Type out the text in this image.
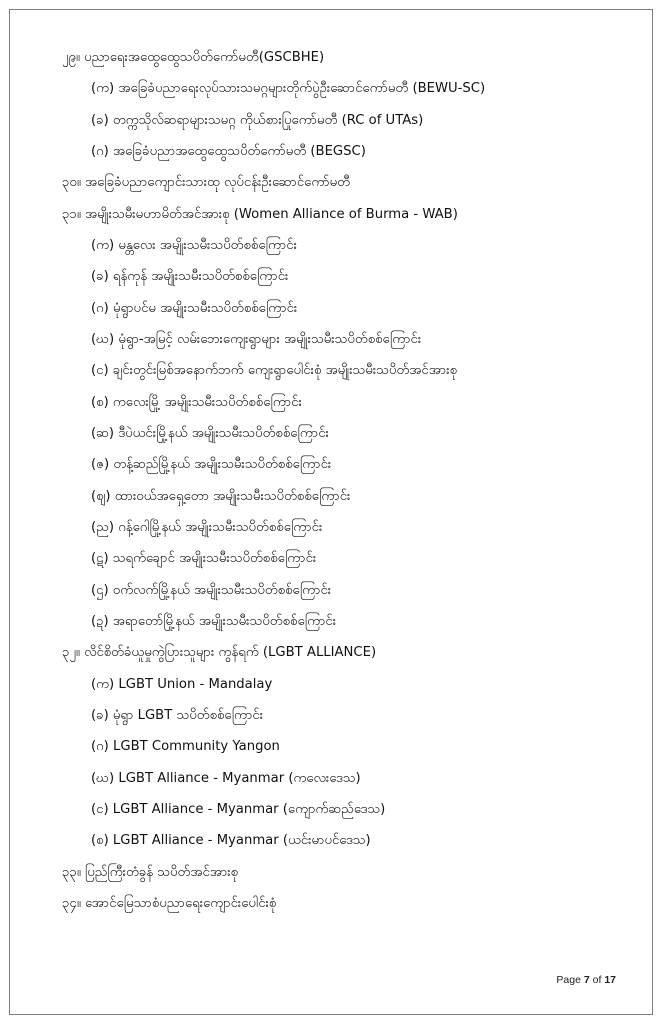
၂၉။ ပညာရေးအထွေထွေသပိတ်ကော်မတီ(GSCBHE)

(က) အခြေခံပညာရေးလုပ်သားသမဂ္ဂများတိုက်ပွဲဦးဆောင်ကော်မတီ (BEWU-SC)

(ခ) တက္ကသိုလ်ဆရာများသမဂ္ဂ ကိုယ်စားပြုကော်မတီ (RC of UTAs)

(ဂ) အခြေခံပညာအထွေထွေသပိတ်ကော်မတီ (BEGSC)

၃၀။ အခြေခံပညာကျောင်းသားထု လုပ်ငန်းဦးဆောင်ကော်မတီ

၃၁။ အမျိုးသမီးမဟာမိတ်အင်အားစု (Women Alliance of Burma - WAB)

(က) မန္တလေး အမျိုးသမီးသပိတ်စစ်ကြောင်း

(ခ) ရန်ကုန် အမျိုးသမီးသပိတ်စစ်ကြောင်း

(ဂ) မုံရွာပင်မ အမျိုးသမီးသပိတ်စစ်ကြောင်း

(ဃ) မုံရွာ-အမြင့် လမ်းဘေးကျေးရွာများ အမျိုးသမီးသပိတ်စစ်ကြောင်း

(င) ချင်းတွင်းမြစ်အနောက်ဘက် ကျေးရွာပေါင်းစုံ အမျိုးသမီးသပိတ်အင်အားစု

(စ) ကလေးမြို့ အမျိုးသမီးသပိတ်စစ်ကြောင်း

(ဆ) ဒီပဲယင်းမြို့နယ် အမျိုးသမီးသပိတ်စစ်ကြောင်း

(ဇ) တန့်ဆည်မြို့နယ် အမျိုးသမီးသပိတ်စစ်ကြောင်း

(ဈ) ထားဝယ်အရှေ့တော အမျိုးသမီးသပိတ်စစ်ကြောင်း

(ည) ဂန့်ဂေါမြို့နယ် အမျိုးသမီးသပိတ်စစ်ကြောင်း

(ဋ) သရက်ချောင် အမျိုးသမီးသပိတ်စစ်ကြောင်း

(ဌ) ဝက်လက်မြို့နယ် အမျိုးသမီးသပိတ်စစ်ကြောင်း

(ဍ) အရာတော်မြို့နယ် အမျိုးသမီးသပိတ်စစ်ကြောင်း

၃၂။ လိင်စိတ်ခံယူမှုကွဲပြားသူများ ကွန်ရက် (LGBT ALLIANCE)

(က) LGBT Union - Mandalay

(ခ) မုံရွာ LGBT သပိတ်စစ်ကြောင်း

(ဂ) LGBT Community Yangon

(ဃ) LGBT Alliance - Myanmar (ကလေးဒေသ)

(င) LGBT Alliance - Myanmar (ကျောက်ဆည်ဒေသ)

(စ) LGBT Alliance - Myanmar (ယင်းမာပင်ဒေသ)

၃၃။ ပြည်ကြီးတံခွန် သပိတ်အင်အားစု

၃၄။ အောင်မြေသာစံပညာရေးကျောင်းပေါင်းစုံ

Page 7 of 17
